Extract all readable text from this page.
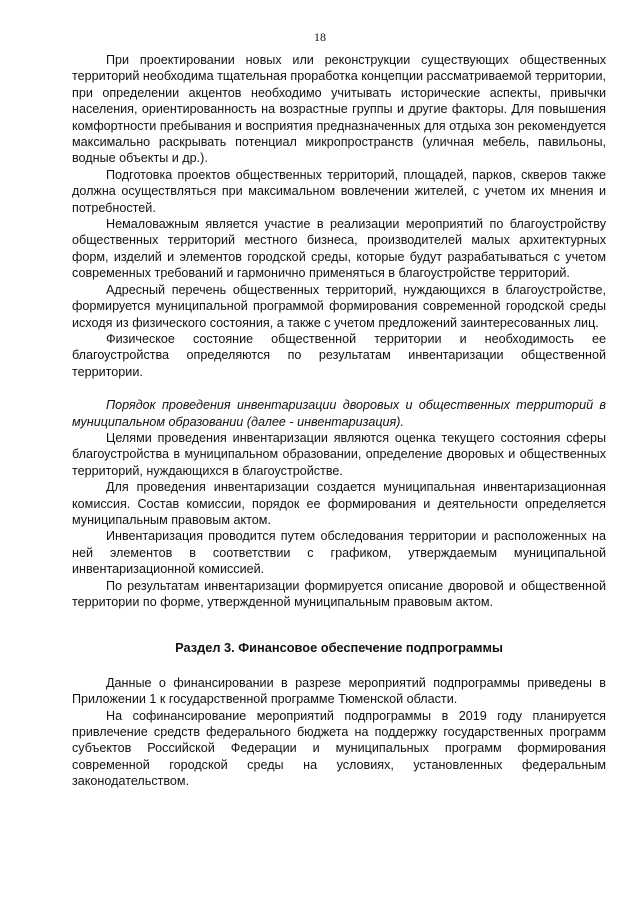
18

При проектировании новых или реконструкции существующих общественных территорий необходима тщательная проработка концепции рассматриваемой территории, при определении акцентов необходимо учитывать исторические аспекты, привычки населения, ориентированность на возрастные группы и другие факторы. Для повышения комфортности пребывания и восприятия предназначенных для отдыха зон рекомендуется максимально раскрывать потенциал микропространств (уличная мебель, павильоны, водные объекты и др.).

Подготовка проектов общественных территорий, площадей, парков, скверов также должна осуществляться при максимальном вовлечении жителей, с учетом их мнения и потребностей.

Немаловажным является участие в реализации мероприятий по благоустройству общественных территорий местного бизнеса, производителей малых архитектурных форм, изделий и элементов городской среды, которые будут разрабатываться с учетом современных требований и гармонично применяться в благоустройстве территорий.

Адресный перечень общественных территорий, нуждающихся в благоустройстве, формируется муниципальной программой формирования современной городской среды исходя из физического состояния, а также с учетом предложений заинтересованных лиц.

Физическое состояние общественной территории и необходимость ее благоустройства определяются по результатам инвентаризации общественной территории.

Порядок проведения инвентаризации дворовых и общественных территорий в муниципальном образовании (далее - инвентаризация).

Целями проведения инвентаризации являются оценка текущего состояния сферы благоустройства в муниципальном образовании, определение дворовых и общественных территорий, нуждающихся в благоустройстве.

Для проведения инвентаризации создается муниципальная инвентаризационная комиссия. Состав комиссии, порядок ее формирования и деятельности определяется муниципальным правовым актом.

Инвентаризация проводится путем обследования территории и расположенных на ней элементов в соответствии с графиком, утверждаемым муниципальной инвентаризационной комиссией.

По результатам инвентаризации формируется описание дворовой и общественной территории по форме, утвержденной муниципальным правовым актом.

Раздел 3. Финансовое обеспечение подпрограммы

Данные о финансировании в разрезе мероприятий подпрограммы приведены в Приложении 1 к государственной программе Тюменской области.

На софинансирование мероприятий подпрограммы в 2019 году планируется привлечение средств федерального бюджета на поддержку государственных программ субъектов Российской Федерации и муниципальных программ формирования современной городской среды на условиях, установленных федеральным законодательством.
